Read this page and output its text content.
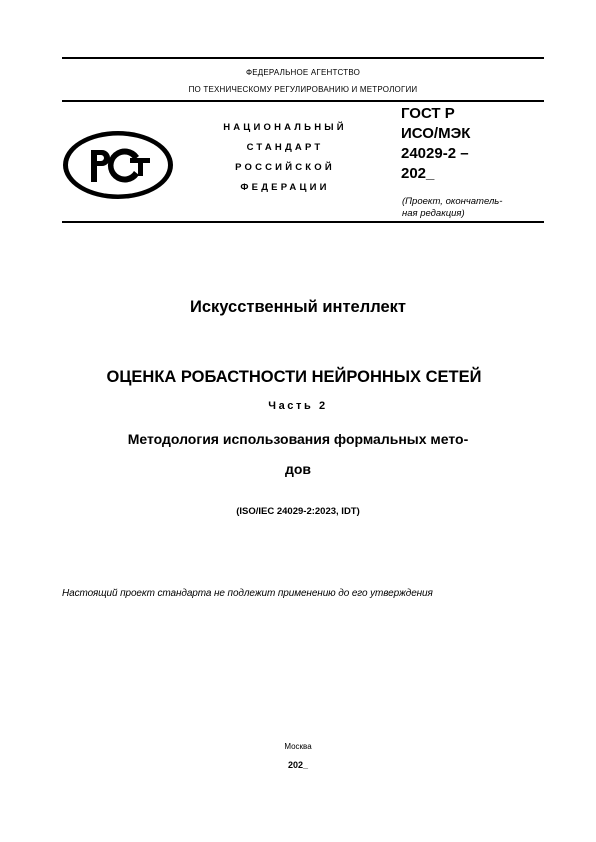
ФЕДЕРАЛЬНОЕ АГЕНТСТВО
ПО ТЕХНИЧЕСКОМУ РЕГУЛИРОВАНИЮ И МЕТРОЛОГИИ
НАЦИОНАЛЬНЫЙ
СТАНДАРТ
РОССИЙСКОЙ
ФЕДЕРАЦИИ
ГОСТ Р
ИСО/МЭК
24029-2 –
202_
(Проект, окончатель-
ная редакция)
Искусственный интеллект
ОЦЕНКА РОБАСТНОСТИ НЕЙРОННЫХ СЕТЕЙ
Часть 2
Методология использования формальных мето-
дов
(ISO/IEC 24029-2:2023, IDT)
Настоящий проект стандарта не подлежит применению до его утверждения
Москва
202_
